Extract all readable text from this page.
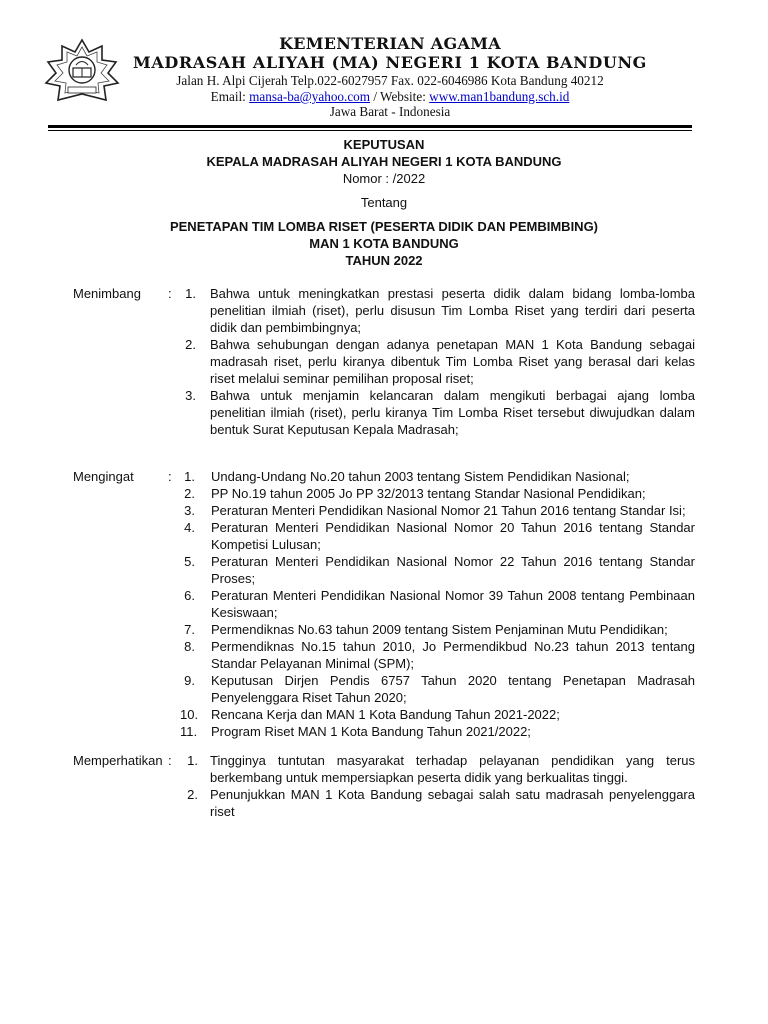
KEMENTERIAN AGAMA
MADRASAH ALIYAH (MA) NEGERI 1 KOTA BANDUNG
Jalan H. Alpi Cijerah Telp.022-6027957 Fax. 022-6046986 Kota Bandung 40212
Email: mansa-ba@yahoo.com / Website: www.man1bandung.sch.id
Jawa Barat - Indonesia
KEPUTUSAN
KEPALA MADRASAH ALIYAH NEGERI 1 KOTA BANDUNG
Nomor : /2022
Tentang
PENETAPAN TIM LOMBA RISET (PESERTA DIDIK DAN PEMBIMBING)
MAN 1 KOTA BANDUNG
TAHUN 2022
Menimbang :	1. Bahwa untuk meningkatkan prestasi peserta didik dalam bidang lomba-lomba penelitian ilmiah (riset), perlu disusun Tim Lomba Riset yang terdiri dari peserta didik dan pembimbingnya;
2. Bahwa sehubungan dengan adanya penetapan MAN 1 Kota Bandung sebagai madrasah riset, perlu kiranya dibentuk Tim Lomba Riset yang berasal dari kelas riset melalui seminar pemilihan proposal riset;
3. Bahwa untuk menjamin kelancaran dalam mengikuti berbagai ajang lomba penelitian ilmiah (riset), perlu kiranya Tim Lomba Riset tersebut diwujudkan dalam bentuk Surat Keputusan Kepala Madrasah;
Mengingat	: 1. Undang-Undang No.20 tahun 2003 tentang Sistem Pendidikan Nasional;
2. PP No.19 tahun 2005 Jo PP 32/2013 tentang Standar Nasional Pendidikan;
3. Peraturan Menteri Pendidikan Nasional Nomor 21 Tahun 2016 tentang Standar Isi;
4. Peraturan Menteri Pendidikan Nasional Nomor 20 Tahun 2016 tentang Standar Kompetisi Lulusan;
5. Peraturan Menteri Pendidikan Nasional Nomor 22 Tahun 2016 tentang Standar Proses;
6. Peraturan Menteri Pendidikan Nasional Nomor 39 Tahun 2008 tentang Pembinaan Kesiswaan;
7. Permendiknas No.63 tahun 2009 tentang Sistem Penjaminan Mutu Pendidikan;
8. Permendiknas No.15 tahun 2010, Jo Permendikbud No.23 tahun 2013 tentang Standar Pelayanan Minimal (SPM);
9. Keputusan Dirjen Pendis 6757 Tahun 2020 tentang Penetapan Madrasah Penyelenggara Riset Tahun 2020;
10. Rencana Kerja dan MAN 1 Kota Bandung Tahun 2021-2022;
11. Program Riset MAN 1 Kota Bandung Tahun 2021/2022;
Memperhatikan :	1. Tingginya tuntutan masyarakat terhadap pelayanan pendidikan yang terus berkembang untuk mempersiapkan peserta didik yang berkualitas tinggi.
2. Penunjukkan MAN 1 Kota Bandung sebagai salah satu madrasah penyelenggara riset
